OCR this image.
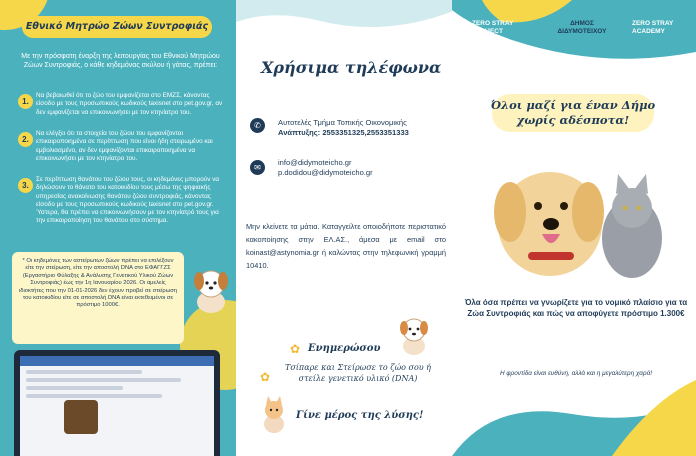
Εθνικό Μητρώο Ζώων Συντροφιάς

Με την πρόσφατη έναρξη της λειτουργίας του Εθνικού Μητρώου Ζώων Συντροφιάς, ο κάθε κηδεμόνας σκύλου ή γάτας, πρέπει:

1.

Να βεβαιωθεί ότι το ζώο του εμφανίζεται στο ΕΜΖΣ, κάνοντας είσοδο με τους προσωπικούς κωδικούς taxisnet στο pet.gov.gr, αν δεν εμφανίζεται να επικοινωνήσει με τον κτηνίατρο του.

2.

Να ελέγξει ότι τα στοιχεία του ζώου του εμφανίζονται επικαιροποιημένα σε περίπτωση που είναι ήδη στειρωμένο και εμβολιασμένο, αν δεν εμφανίζονται επικαιροποιημένα να επικοινωνήσει με τον κτηνίατρο του.

3.

Σε περίπτωση θανάτου του ζώου τους, οι κηδεμόνες μπορούν να δηλώσουν το θάνατο του κατοικιδίου τους μέσω της ψηφιακής υπηρεσίας ανακοίνωσης θανάτου ζώου συντροφιάς, κάνοντας είσοδο με τους προσωπικούς κωδικούς taxisnet στο pet.gov.gr. Ύστερα, θα πρέπει να επικοινωνήσουν με τον κτηνίατρό τους για την επικαιροποίηση του θανάτου στο σύστημα.

* Οι κηδεμόνες των αστείρωτων ζώων πρέπει να επιλέξουν είτε την στείρωση, είτε την αποστολή DNA στο ΕΦΑΓΓΖΣ (Εργαστήριο Φύλαξης & Ανάλυσης Γενετικού Υλικού Ζώων Συντροφιάς) έως την 1η Ιανουαρίου 2026. Οι αμελείς ιδιοκτήτες που την 01-01-2026 δεν έχουν προβεί σε στείρωση του κατοικιδίου είτε σε αποστολή DNA είναι εκτεθειμένοι σε πρόστιμο 1000€.
Χρήσιμα τηλέφωνα
✆	Αυτοτελές Τμήμα Τοπικής Οικονομικής
Ανάπτυξης: 2553351325,2553351333

✉

info@didymoteicho.gr
p.dodidou@didymoteicho.gr

Μην κλείνετε τα μάτια. Καταγγείλτε οποιοδήποτε περιστατικό κακοποίησης στην ΕΛ.ΑΣ., άμεσα με email στο koinast@astynomia.gr ή καλώντας στην τηλεφωνική γραμμή 10410.

✿ Ενημερώσου
✿

Τσίπαρε και Στείρωσε το ζώο σου ή στείλε γενετικό υλικό (DNA)

Γίνε μέρος της λύσης!
ZERO STRAY PAWJECT
ΔΗΜΟΣ ΔΙΔΥΜΟΤΕΙΧΟΥ
ZERO STRAY ACADEMY
Όλοι μαζί για έναν Δήμο χωρίς αδέσποτα!

Όλα όσα πρέπει να γνωρίζετε για το νομικό πλαίσιο για τα Ζώα Συντροφιάς και πώς να αποφύγετε πρόστιμο 1.300€

Η φροντίδα είναι ευθύνη, αλλά και η μεγαλύτερη χαρά!
